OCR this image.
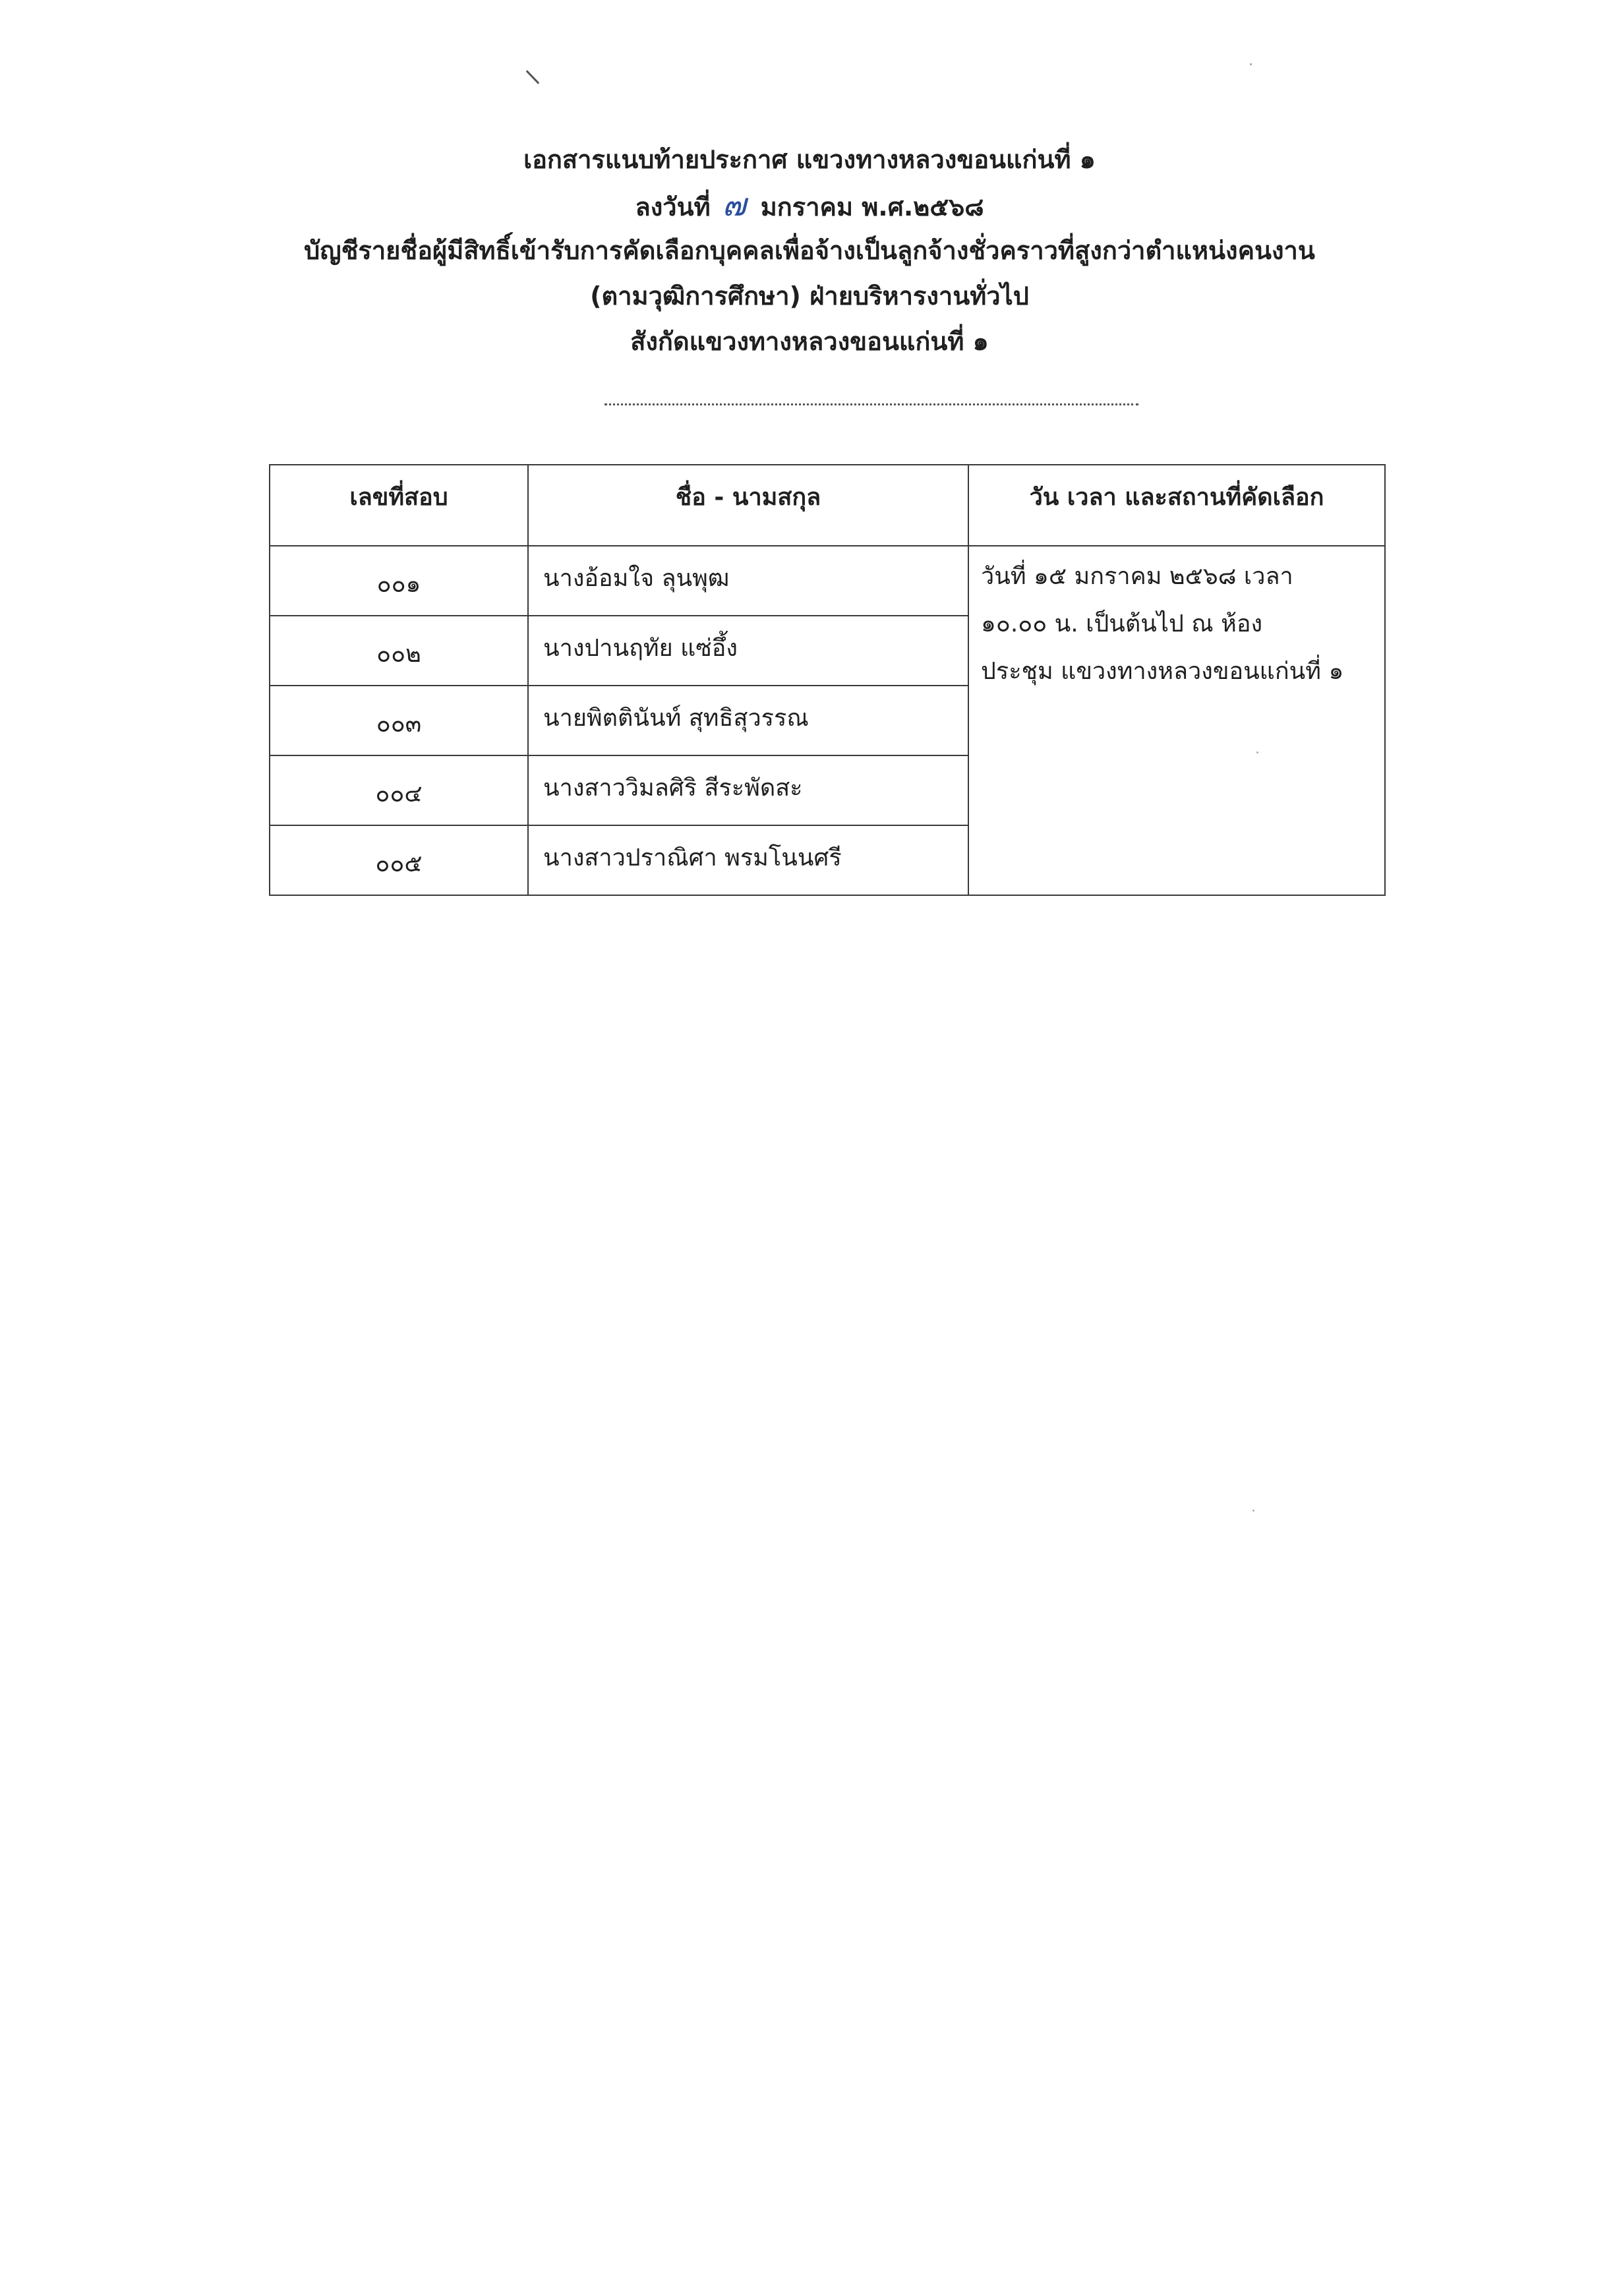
เอกสารแนบท้ายประกาศ แขวงทางหลวงขอนแก่นที่ ๑
ลงวันที่ ๗ มกราคม พ.ศ.๒๕๖๘
บัญชีรายชื่อผู้มีสิทธิ์เข้ารับการคัดเลือกบุคคลเพื่อจ้างเป็นลูกจ้างชั่วคราวที่สูงกว่าตำแหน่งคนงาน
(ตามวุฒิการศึกษา) ฝ่ายบริหารงานทั่วไป
สังกัดแขวงทางหลวงขอนแก่นที่ ๑
เลขที่สอบ	ชื่อ - นามสกุล	วัน เวลา และสถานที่คัดเลือก
๐๐๑	นางอ้อมใจ ลุนพุฒ	วันที่ ๑๕ มกราคม ๒๕๖๘ เวลา
๑๐.๐๐ น. เป็นต้นไป ณ ห้อง
ประชุม แขวงทางหลวงขอนแก่นที่ ๑

๐๐๒	นางปานฤทัย แซ่อึ้ง	
๐๐๓	นายพิตตินันท์ สุทธิสุวรรณ	
๐๐๔	นางสาววิมลศิริ สีระพัดสะ	
๐๐๕	นางสาวปราณิศา พรมโนนศรี	
